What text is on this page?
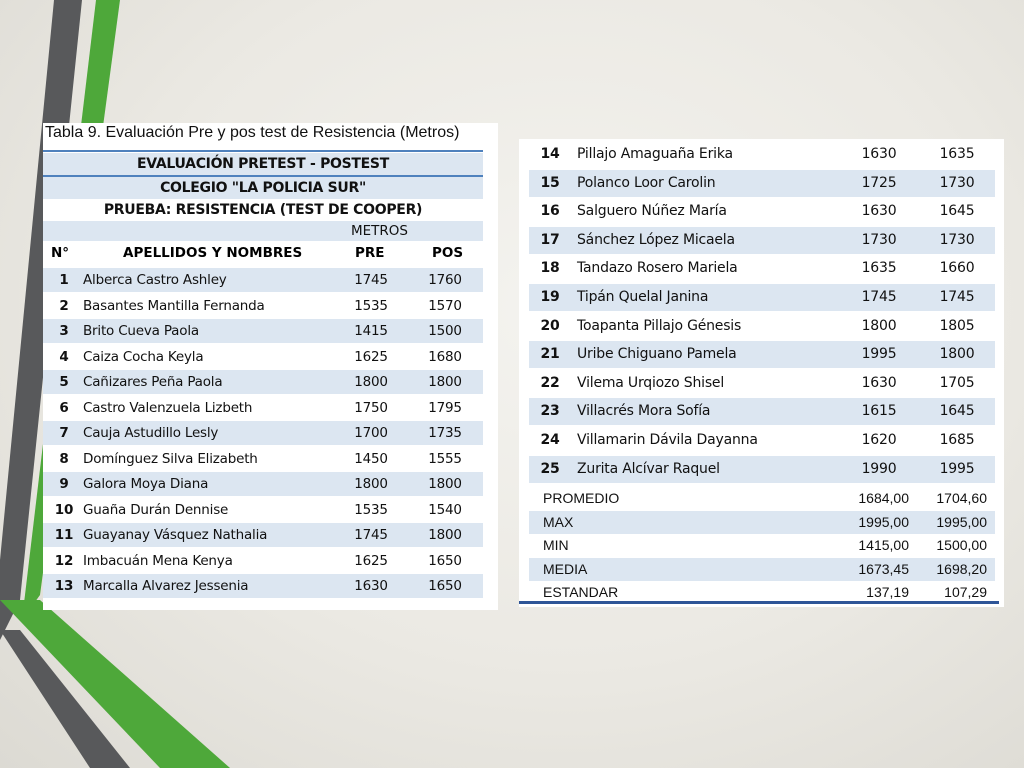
Tabla 9. Evaluación Pre y pos test de Resistencia (Metros)
EVALUACIÓN PRETEST - POSTEST
COLEGIO "LA POLICIA SUR"
PRUEBA: RESISTENCIA (TEST DE COOPER)
METROS
N°	APELLIDOS Y NOMBRES	PRE	POS
1	Alberca Castro Ashley	1745	1760
2	Basantes Mantilla Fernanda	1535	1570
3	Brito Cueva Paola	1415	1500
4	Caiza Cocha Keyla	1625	1680
5	Cañizares Peña Paola	1800	1800
6	Castro Valenzuela Lizbeth	1750	1795
7	Cauja Astudillo Lesly	1700	1735
8	Domínguez Silva Elizabeth	1450	1555
9	Galora Moya Diana	1800	1800
10 Guaña Durán Dennise	1535	1540
11 Guayanay Vásquez Nathalia	1745	1800
12 Imbacuán Mena Kenya	1625	1650
13 Marcalla Alvarez Jessenia	1630	1650
14	Pillajo Amaguaña Erika	1630	1635
15	Polanco Loor Carolin	1725	1730
16	Salguero Núñez María	1630	1645
17	Sánchez López Micaela	1730	1730
18	Tandazo Rosero Mariela	1635	1660
19	Tipán Quelal Janina	1745	1745
20	Toapanta Pillajo Génesis	1800	1805
21	Uribe Chiguano Pamela	1995	1800
22	Vilema Urqiozo Shisel	1630	1705
23	Villacrés Mora Sofía	1615	1645
24	Villamarin Dávila Dayanna	1620	1685
25	Zurita Alcívar Raquel	1990	1995
PROMEDIO	1684,00	1704,60
MAX	1995,00	1995,00
MIN	1415,00	1500,00
MEDIA	1673,45	1698,20
ESTANDAR	137,19	107,29
